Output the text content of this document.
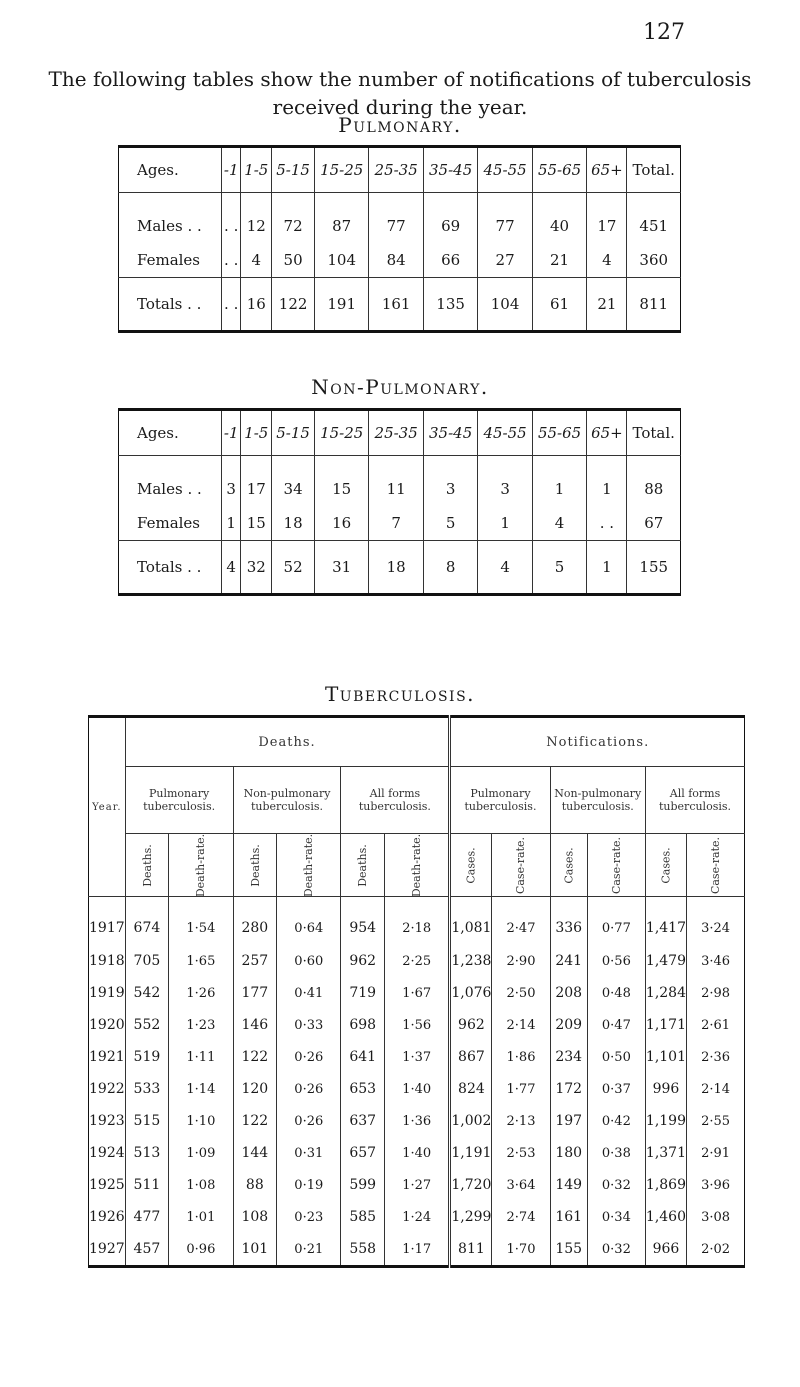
127
The following tables show the number of notifications of tuberculosis
received during the year.
Pulmonary.
Ages.	-1	1-5	5-15	15-25	25-35	35-45	45-55	55-65	65+	Total.
Males . .	. .	12	72	87	77	69	77	40	17	451
Females	. .	4	50	104	84	66	27	21	4	360
Totals . .	. .	16	122	191	161	135	104	61	21	811
Non-Pulmonary.
Ages.	-1	1-5	5-15	15-25	25-35	35-45	45-55	55-65	65+	Total.
Males . .	3	17	34	15	11	3	3	1	1	88
Females	1	15	18	16	7	5	1	4	. .	67
Totals . .	4	32	52	31	18	8	4	5	1	155
Tuberculosis.
Year.	Deaths.						Notifications.					
	Pulmonary tuberculosis.		Non-pulmonary tuberculosis.		All forms tuberculosis.		Pulmonary tuberculosis.		Non-pulmonary tuberculosis.		All forms tuberculosis.	
	Deaths.	Death-rate.	Deaths.	Death-rate.	Deaths.	Death-rate.	Cases.	Case-rate.	Cases.	Case-rate.	Cases.	Case-rate.
1917	674	1·54	280	0·64	954	2·18	1,081	2·47	336	0·77	1,417	3·24
1918	705	1·65	257	0·60	962	2·25	1,238	2·90	241	0·56	1,479	3·46
1919	542	1·26	177	0·41	719	1·67	1,076	2·50	208	0·48	1,284	2·98
1920	552	1·23	146	0·33	698	1·56	962	2·14	209	0·47	1,171	2·61
1921	519	1·11	122	0·26	641	1·37	867	1·86	234	0·50	1,101	2·36
1922	533	1·14	120	0·26	653	1·40	824	1·77	172	0·37	996	2·14
1923	515	1·10	122	0·26	637	1·36	1,002	2·13	197	0·42	1,199	2·55
1924	513	1·09	144	0·31	657	1·40	1,191	2·53	180	0·38	1,371	2·91
1925	511	1·08	88	0·19	599	1·27	1,720	3·64	149	0·32	1,869	3·96
1926	477	1·01	108	0·23	585	1·24	1,299	2·74	161	0·34	1,460	3·08
1927	457	0·96	101	0·21	558	1·17	811	1·70	155	0·32	966	2·02
